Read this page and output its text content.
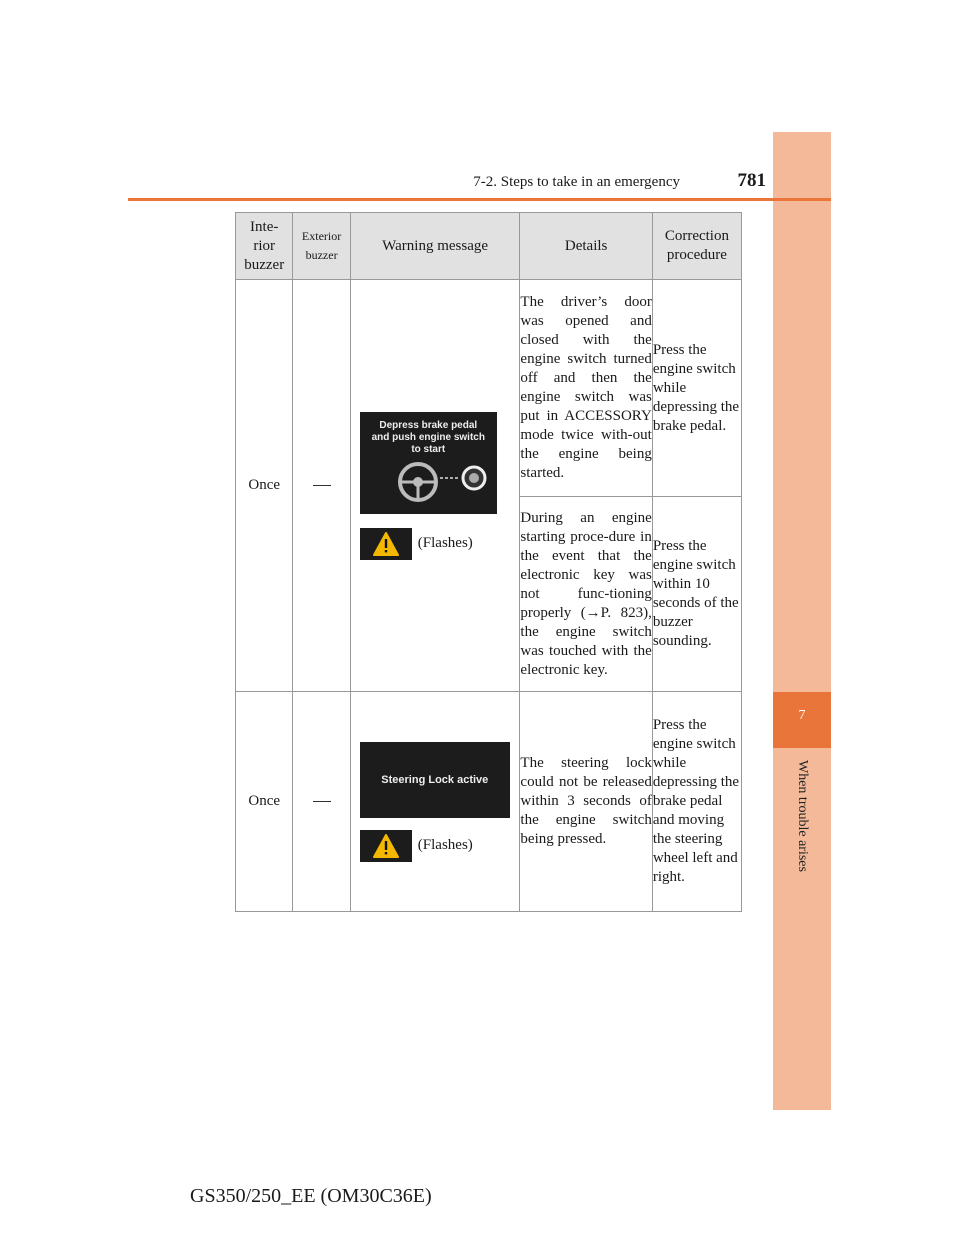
7
When trouble arises
7-2. Steps to take in an emergency	781
Inte-
rior
buzzer	Exterior
buzzer	Warning message	Details	Correction procedure
Once		Depress brake pedal
and push engine switch
to start
(Flashes)	The driver’s door was opened and closed with the engine switch turned off and then the engine switch was put in ACCESSORY mode twice with-out the engine being started.	Press the engine switch while depressing the brake pedal.
			During an engine starting proce-dure in the event that the electronic key was not func-tioning properly (→P. 823), the engine switch was touched with the electronic key.	Press the engine switch within 10 seconds of the buzzer sounding.
Once		Steering Lock active
(Flashes)	The steering lock could not be released within 3 seconds of the engine switch being pressed.	Press the engine switch while depressing the brake pedal and moving the steering wheel left and right.
GS350/250_EE (OM30C36E)
